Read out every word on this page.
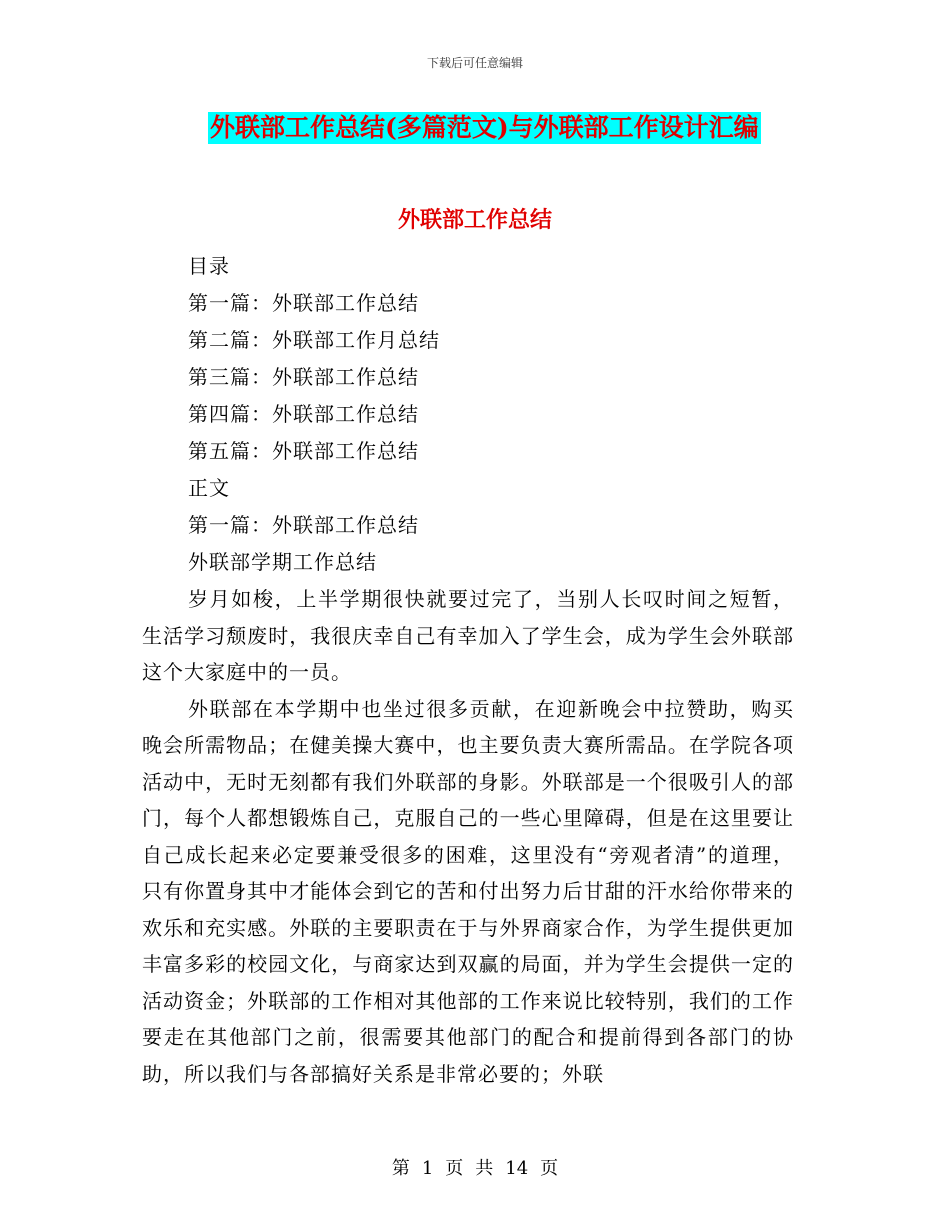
下载后可任意编辑
外联部工作总结(多篇范文)与外联部工作设计汇编
外联部工作总结
目录
第一篇：外联部工作总结
第二篇：外联部工作月总结
第三篇：外联部工作总结
第四篇：外联部工作总结
第五篇：外联部工作总结
正文
第一篇：外联部工作总结
外联部学期工作总结

岁月如梭，上半学期很快就要过完了，当别人长叹时间之短暂，生活学习颓废时，我很庆幸自己有幸加入了学生会，成为学生会外联部这个大家庭中的一员。

外联部在本学期中也坐过很多贡献，在迎新晚会中拉赞助，购买晚会所需物品；在健美操大赛中，也主要负责大赛所需品。在学院各项活动中，无时无刻都有我们外联部的身影。外联部是一个很吸引人的部门，每个人都想锻炼自己，克服自己的一些心里障碍，但是在这里要让自己成长起来必定要兼受很多的困难，这里没有“旁观者清”的道理，只有你置身其中才能体会到它的苦和付出努力后甘甜的汗水给你带来的欢乐和充实感。外联的主要职责在于与外界商家合作，为学生提供更加丰富多彩的校园文化，与商家达到双赢的局面，并为学生会提供一定的活动资金；外联部的工作相对其他部的工作来说比较特别，我们的工作要走在其他部门之前，很需要其他部门的配合和提前得到各部门的协助，所以我们与各部搞好关系是非常必要的；外联

第 1 页 共 14 页
